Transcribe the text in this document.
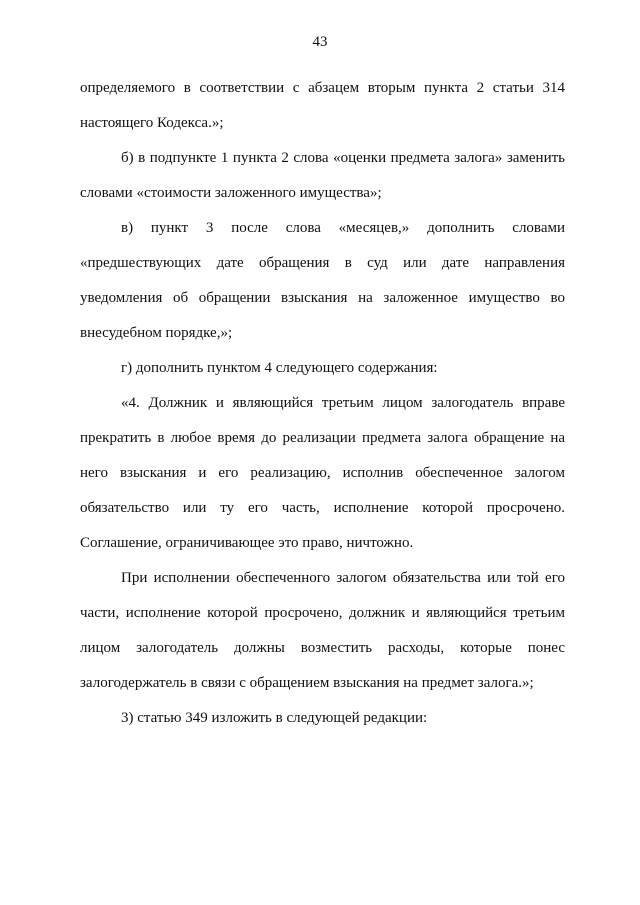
43
определяемого в соответствии с абзацем вторым пункта 2 статьи 314
настоящего Кодекса.»;
б) в подпункте 1 пункта 2 слова «оценки предмета залога» заменить
словами «стоимости заложенного имущества»;
в) пункт 3 после слова «месяцев,» дополнить словами
«предшествующих дате обращения в суд или дате направления
уведомления об обращении взыскания на заложенное имущество во
внесудебном порядке,»;
г) дополнить пунктом 4 следующего содержания:
«4. Должник и являющийся третьим лицом залогодатель вправе
прекратить в любое время до реализации предмета залога обращение на
него взыскания и его реализацию, исполнив обеспеченное залогом
обязательство или ту его часть, исполнение которой просрочено.
Соглашение, ограничивающее это право, ничтожно.
При исполнении обеспеченного залогом обязательства или той его
части, исполнение которой просрочено, должник и являющийся третьим
лицом залогодатель должны возместить расходы, которые понес
залогодержатель в связи с обращением взыскания на предмет залога.»;
3) статью 349 изложить в следующей редакции:
